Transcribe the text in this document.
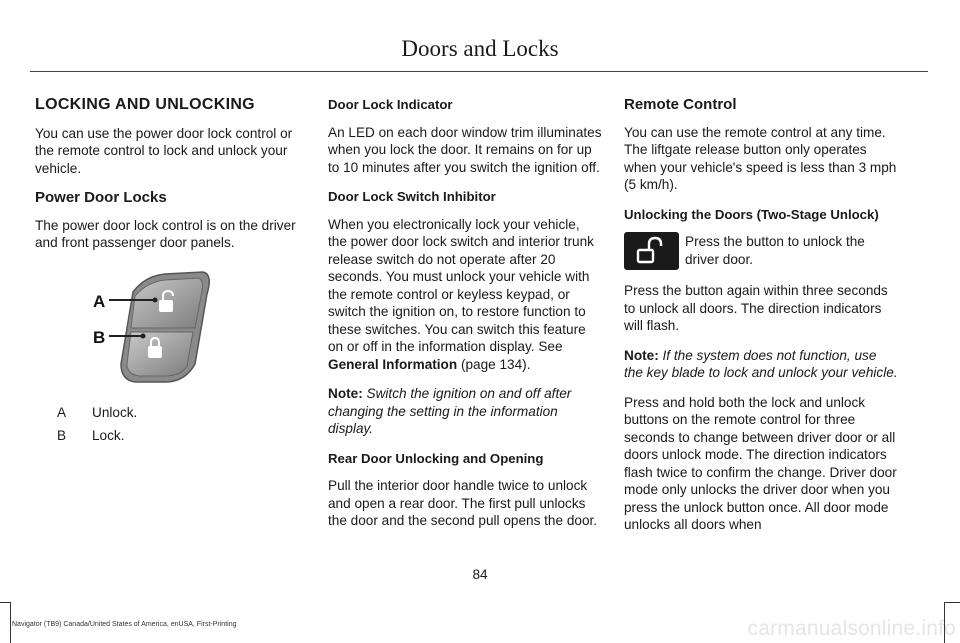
Doors and Locks
LOCKING AND UNLOCKING
You can use the power door lock control or the remote control to lock and unlock your vehicle.
Power Door Locks
The power door lock control is on the driver and front passenger door panels.
A
B
A	Unlock.
B	Lock.
Door Lock Indicator
An LED on each door window trim illuminates when you lock the door. It remains on for up to 10 minutes after you switch the ignition off.
Door Lock Switch Inhibitor
When you electronically lock your vehicle, the power door lock switch and interior trunk release switch do not operate after 20 seconds. You must unlock your vehicle with the remote control or keyless keypad, or switch the ignition on, to restore function to these switches. You can switch this feature on or off in the information display. See General Information (page 134).
Note: Switch the ignition on and off after changing the setting in the information display.
Rear Door Unlocking and Opening
Pull the interior door handle twice to unlock and open a rear door. The first pull unlocks the door and the second pull opens the door.
Remote Control
You can use the remote control at any time. The liftgate release button only operates when your vehicle's speed is less than 3 mph (5 km/h).
Unlocking the Doors (Two-Stage Unlock)
Press the button to unlock the driver door.
Press the button again within three seconds to unlock all doors. The direction indicators will flash.
Note: If the system does not function, use the key blade to lock and unlock your vehicle.
Press and hold both the lock and unlock buttons on the remote control for three seconds to change between driver door or all doors unlock mode. The direction indicators flash twice to confirm the change. Driver door mode only unlocks the driver door when you press the unlock button once. All door mode unlocks all doors when
84
Navigator (TB9) Canada/United States of America, enUSA, First-Printing	carmanualsonline.info
